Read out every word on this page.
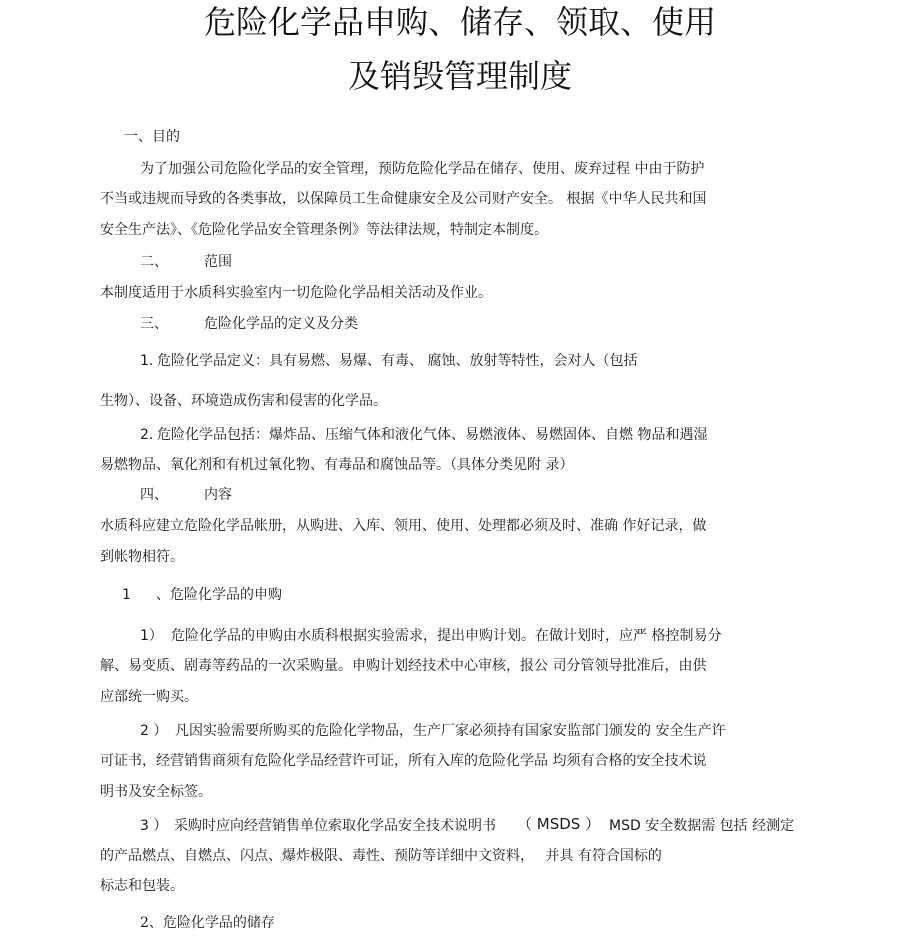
危险化学品申购、储存、领取、使用
及销毁管理制度
一、目的
为了加强公司危险化学品的安全管理，预防危险化学品在储存、使用、废弃过程 中由于防护
不当或违规而导致的各类事故，以保障员工生命健康安全及公司财产安全。 根据《中华人民共和国
安全生产法》、《危险化学品安全管理条例》等法律法规，特制定本制度。
二、	范围
本制度适用于水质科实验室内一切危险化学品相关活动及作业。
三、	危险化学品的定义及分类
1. 危险化学品定义：具有易燃、易爆、有毒、 腐蚀、放射等特性，会对人（包括
生物）、设备、环境造成伤害和侵害的化学品。
2. 危险化学品包括：爆炸品、压缩气体和液化气体、易燃液体、易燃固体、自燃 物品和遇湿
易燃物品、氧化剂和有机过氧化物、有毒品和腐蚀品等。（具体分类见附 录）
四、	内容
水质科应建立危险化学品帐册，从购进、入库、领用、使用、处理都必须及时、准确 作好记录，做
到帐物相符。
1 、危险化学品的申购
1） 危险化学品的申购由水质科根据实验需求，提出申购计划。在做计划时，应严 格控制易分
解、易变质、剧毒等药品的一次采购量。申购计划经技术中心审核，报公 司分管领导批准后，由供
应部统一购买。
2 ） 凡因实验需要所购买的危险化学物品，生产厂家必须持有国家安监部门颁发的 安全生产许
可证书，经营销售商须有危险化学品经营许可证，所有入库的危险化学品 均须有合格的安全技术说
明书及安全标签。
3 ） 采购时应向经营销售单位索取化学品安全技术说明书 （ MSDS ） MSD 安全数据需 包括 经测定
的产品燃点、自燃点、闪点、爆炸极限、毒性、预防等详细中文资料，　 并具 有符合国标的
标志和包装。
2、危险化学品的储存
